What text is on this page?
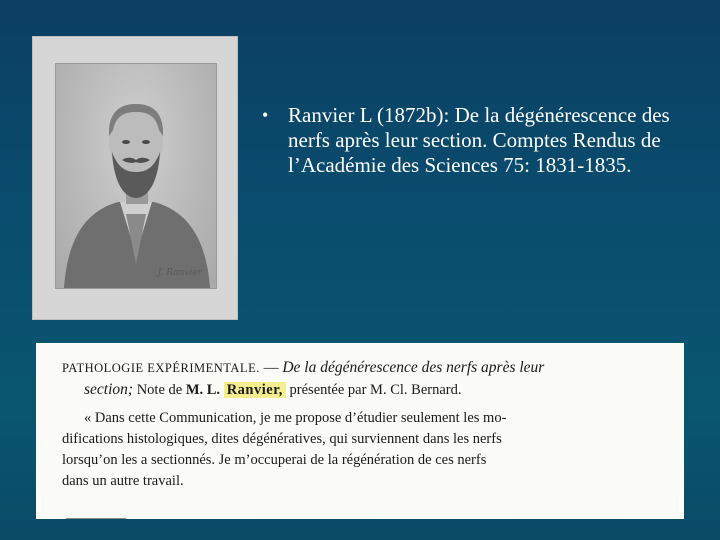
J. Ranvier
• Ranvier L (1872b): De la dégénérescence des nerfs après leur section. Comptes Rendus de l’Académie des Sciences 75: 1831-1835.
PATHOLOGIE EXPÉRIMENTALE. — De la dégénérescence des nerfs après leur
section; Note de M. L. Ranvier, présentée par M. Cl. Bernard.
« Dans cette Communication, je me propose d’étudier seulement les mo-
difications histologiques, dites dégénératives, qui surviennent dans les nerfs
lorsqu’on les a sectionnés. Je m’occuperai de la régénération de ces nerfs
dans un autre travail.
